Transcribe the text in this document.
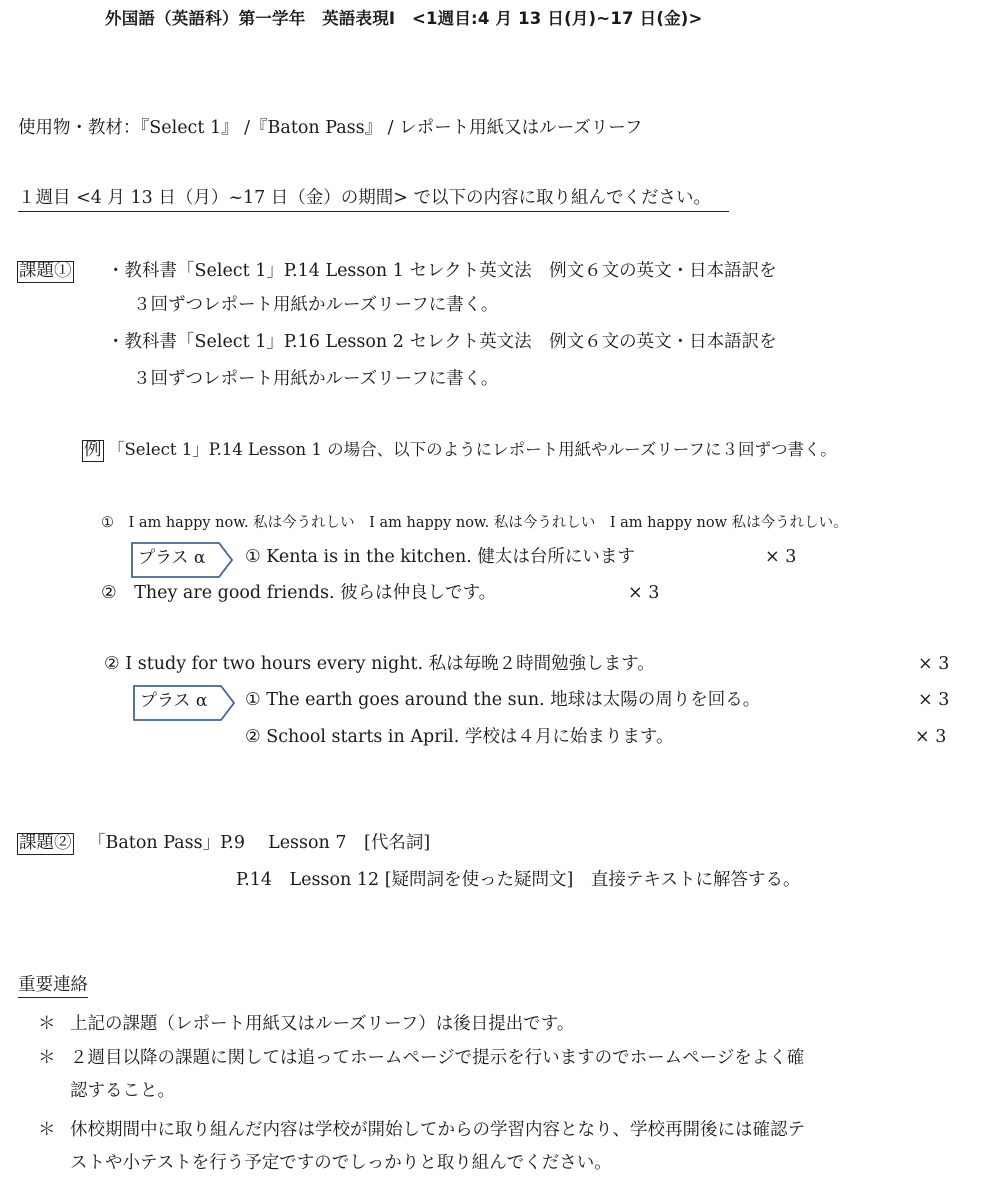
外国語（英語科）第一学年　英語表現Ⅰ　<1週目:4 月 13 日(月)~17 日(金)>
使用物・教材：『Select 1』 /『Baton Pass』 / レポート用紙又はルーズリーフ
１週目 <4 月 13 日（月）~17 日（金）の期間> で以下の内容に取り組んでください。
課題① ・教科書「Select 1」P.14 Lesson 1 セレクト英文法　例文６文の英文・日本語訳を
３回ずつレポート用紙かルーズリーフに書く。
・教科書「Select 1」P.16 Lesson 2 セレクト英文法　例文６文の英文・日本語訳を
３回ずつレポート用紙かルーズリーフに書く。
例 「Select 1」P.14 Lesson 1 の場合、以下のようにレポート用紙やルーズリーフに３回ずつ書く。
①　I am happy now. 私は今うれしい　I am happy now. 私は今うれしい　I am happy now 私は今うれしい。
プラス α ① Kenta is in the kitchen. 健太は台所にいます	× 3
②　They are good friends. 彼らは仲良しです。	× 3
② I study for two hours every night. 私は毎晩２時間勉強します。	× 3
プラス α ① The earth goes around the sun. 地球は太陽の周りを回る。	× 3
② School starts in April. 学校は４月に始まります。	× 3
課題② 「Baton Pass」P.9　 Lesson 7　[代名詞]
P.14　Lesson 12 [疑問詞を使った疑問文]　直接テキストに解答する。
重要連絡
＊ 上記の課題（レポート用紙又はルーズリーフ）は後日提出です。
＊ ２週目以降の課題に関しては追ってホームページで提示を行いますのでホームページをよく確
認すること。
＊ 休校期間中に取り組んだ内容は学校が開始してからの学習内容となり、学校再開後には確認テ
ストや小テストを行う予定ですのでしっかりと取り組んでください。
